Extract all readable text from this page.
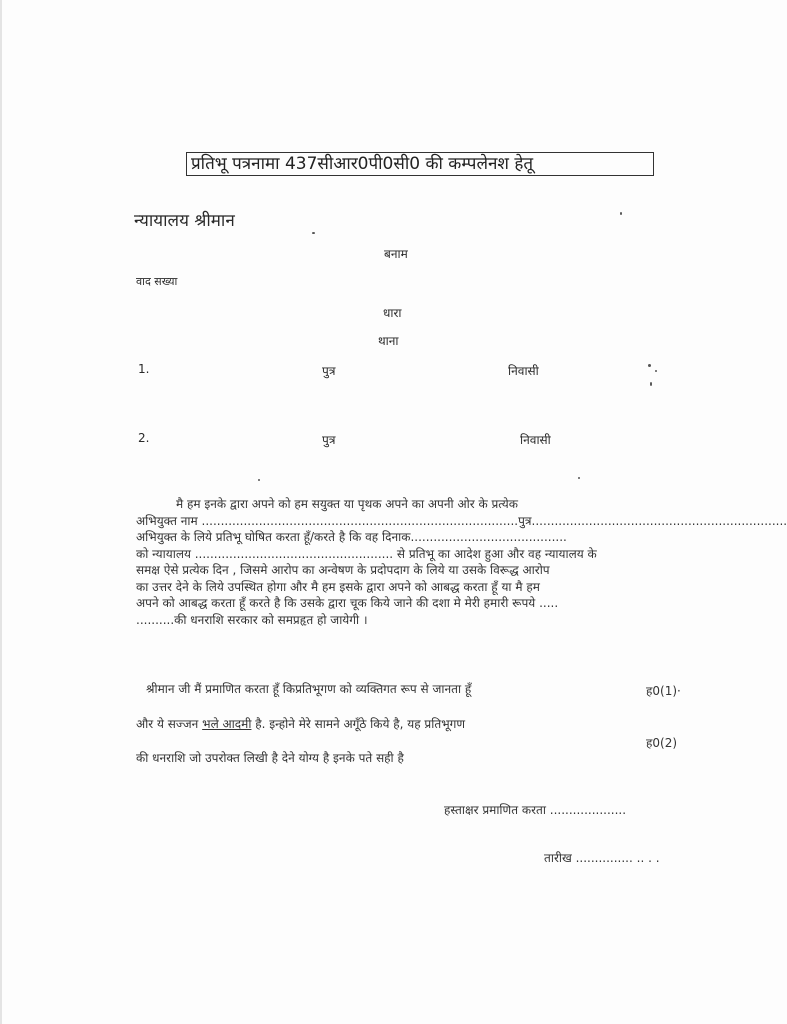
प्रतिभू पत्रनामा 437सीआर0पी0सी0 की कम्पलेनश हेतू
न्यायालय श्रीमान
बनाम
वाद सख्या
धारा
थाना
1.	पुत्र	निवासी
2.	पुत्र	निवासी

मै हम इनके द्वारा अपने को हम सयुक्त या पृथक अपने का अपनी ओर के प्रत्येक

अभियुक्त नाम ...................................................................................पुत्र...................................................................

अभियुक्त के लिये प्रतिभू घोषित करता हूँ/करते है कि वह दिनाक.........................................

को न्यायालय .................................................... से प्रतिभू का आदेश हुआ और वह न्यायालय के

समक्ष ऐसे प्रत्येक दिन , जिसमे आरोप का अन्वेषण के प्रदोपदाग के लिये या उसके विरूद्ध आरोप

का उत्तर देने के लिये उपस्थित होगा और मै हम इसके द्वारा अपने को आबद्ध करता हूँ या मै हम

अपने को आबद्ध करता हूँ करते है कि उसके द्वारा चूक किये जाने की दशा मे मेरी हमारी रूपये .....

..........की धनराशि सरकार को समप्रहृत हो जायेगी ।

श्रीमान जी मैं प्रमाणित करता हूँ किप्रतिभूगण को व्यक्तिगत रूप से जानता हूँ	ह0(1)·
और ये सज्जन भले आदमी है. इन्होने मेरे सामने अगूँठे किये है, यह प्रतिभूगण
ह0(2)
की धनराशि जो उपरोक्त लिखी है देने योग्य है इनके पते सही है
हस्ताक्षर प्रमाणित करता ....................
तारीख ............... .. . .
